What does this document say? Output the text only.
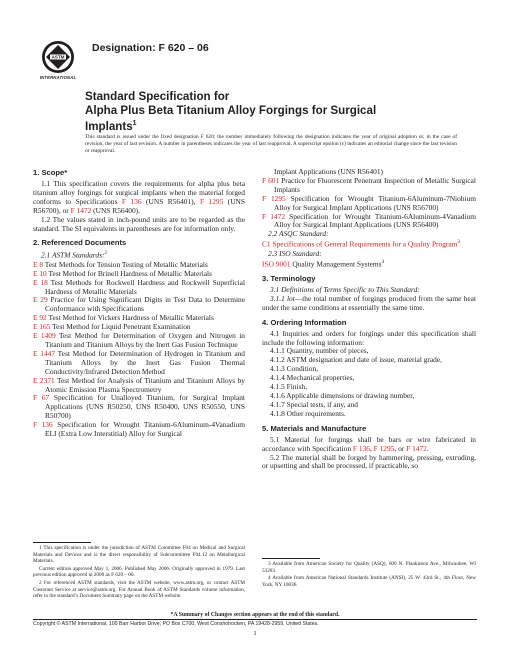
ASTM
INTERNATIONAL
Designation: F 620 – 06
Standard Specification for
Alpha Plus Beta Titanium Alloy Forgings for Surgical Implants$^1$
This standard is issued under the fixed designation F 620; the number immediately following the designation indicates the year of original adoption or, in the case of revision, the year of last revision. A number in parentheses indicates the year of last reapproval. A superscript epsilon (ε) indicates an editorial change since the last revision or reapproval.
1. Scope*

1.1 This specification covers the requirements for alpha plus beta titanium alloy forgings for surgical implants when the material forged conforms to Specifications F 136 (UNS R56401), F 1295 (UNS R56700), or F 1472 (UNS R56400).

1.2 The values stated in inch-pound units are to be regarded as the standard. The SI equivalents in parentheses are for information only.

2. Referenced Documents

2.1 ASTM Standards:$^2$

E 8 Test Methods for Tension Testing of Metallic Materials

E 10 Test Method for Brinell Hardness of Metallic Materials

E 18 Test Methods for Rockwell Hardness and Rockwell Superficial Hardness of Metallic Materials

E 29 Practice for Using Significant Digits in Test Data to Determine Conformance with Specifications

E 92 Test Method for Vickers Hardness of Metallic Materials

E 165 Test Method for Liquid Penetrant Examination

E 1409 Test Method for Determination of Oxygen and Nitrogen in Titanium and Titanium Alloys by the Inert Gas Fusion Technique

E 1447 Test Method for Determination of Hydrogen in Titanium and Titanium Alloys by the Inert Gas Fusion Thermal Conductivity/Infrared Detection Method

E 2371 Test Method for Analysis of Titanium and Titanium Alloys by Atomic Emission Plasma Spectrometry

F 67 Specification for Unalloyed Titanium, for Surgical Implant Applications (UNS R50250, UNS R50400, UNS R50550, UNS R50700)

F 136 Specification for Wrought Titanium-6Aluminum-4Vanadium ELI (Extra Low Interstitial) Alloy for Surgical

1 This specification is under the jurisdiction of ASTM Committee F04 on Medical and Surgical Materials and Devices and is the direct responsibility of Subcommittee F04.12 on Metallurgical Materials.

Current edition approved May 1, 2006. Published May 2006. Originally approved in 1979. Last previous edition approved in 2000 as F 620 – 00.

2 For referenced ASTM standards, visit the ASTM website, www.astm.org, or contact ASTM Customer Service at service@astm.org. For Annual Book of ASTM Standards volume information, refer to the standard’s Document Summary page on the ASTM website.

Implant Applications (UNS R56401)

F 601 Practice for Fluorescent Penetrant Inspection of Metallic Surgical Implants

F 1295 Specification for Wrought Titanium-6Aluminum-7Niobium Alloy for Surgical Implant Applications (UNS R56700)

F 1472 Specification for Wrought Titanium-6Aluminum-4Vanadium Alloy for Surgical Implant Applications (UNS R56400)

2.2 ASQC Standard:

C1 Specifications of General Requirements for a Quality Program$^3$

2.3 ISO Standard:

ISO 9001 Quality Management Systems$^4$

3. Terminology

3.1 Definitions of Terms Specific to This Standard:

3.1.1 lot—the total number of forgings produced from the same heat under the same conditions at essentially the same time.

4. Ordering Information

4.1 Inquiries and orders for forgings under this specification shall include the following information:

4.1.1 Quantity, number of pieces,

4.1.2 ASTM designation and date of issue, material grade,

4.1.3 Condition,

4.1.4 Mechanical properties,

4.1.5 Finish,

4.1.6 Applicable dimensions or drawing number,

4.1.7 Special tests, if any, and

4.1.8 Other requirements.

5. Materials and Manufacture

5.1 Material for forgings shall be bars or wire fabricated in accordance with Specification F 136, F 1295, or F 1472.

5.2 The material shall be forged by hammering, pressing, extruding, or upsetting and shall be processed, if practicable, so

3 Available from American Society for Quality (ASQ), 600 N. Plankinton Ave., Milwaukee, WI 53203.

4 Available from American National Standards Institute (ANSI), 25 W. 43rd St., 4th Floor, New York, NY 10036.

*A Summary of Changes section appears at the end of this standard.
Copyright © ASTM International, 100 Barr Harbor Drive, PO Box C700, West Conshohocken, PA 19428-2959, United States.
1
